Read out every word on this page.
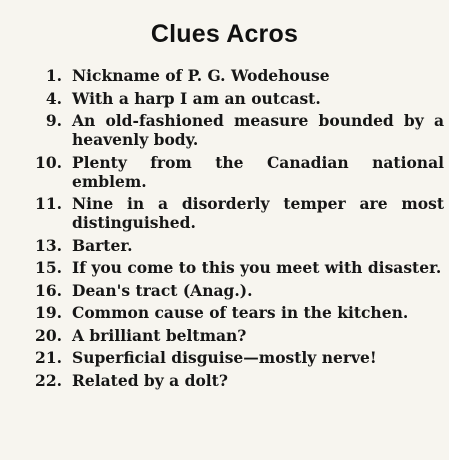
Clues Acros
1. Nickname of P. G. Wodehouse
4. With a harp I am an outcast.
9. An old-fashioned measure bounded by a heavenly body.
10. Plenty from the Canadian national emblem.
11. Nine in a disorderly temper are most distinguished.
13. Barter.
15. If you come to this you meet with disaster.
16. Dean's tract (Anag.).
19. Common cause of tears in the kitchen.
20. A brilliant beltman?
21. Superficial disguise—mostly nerve!
22. Related by a dolt?
